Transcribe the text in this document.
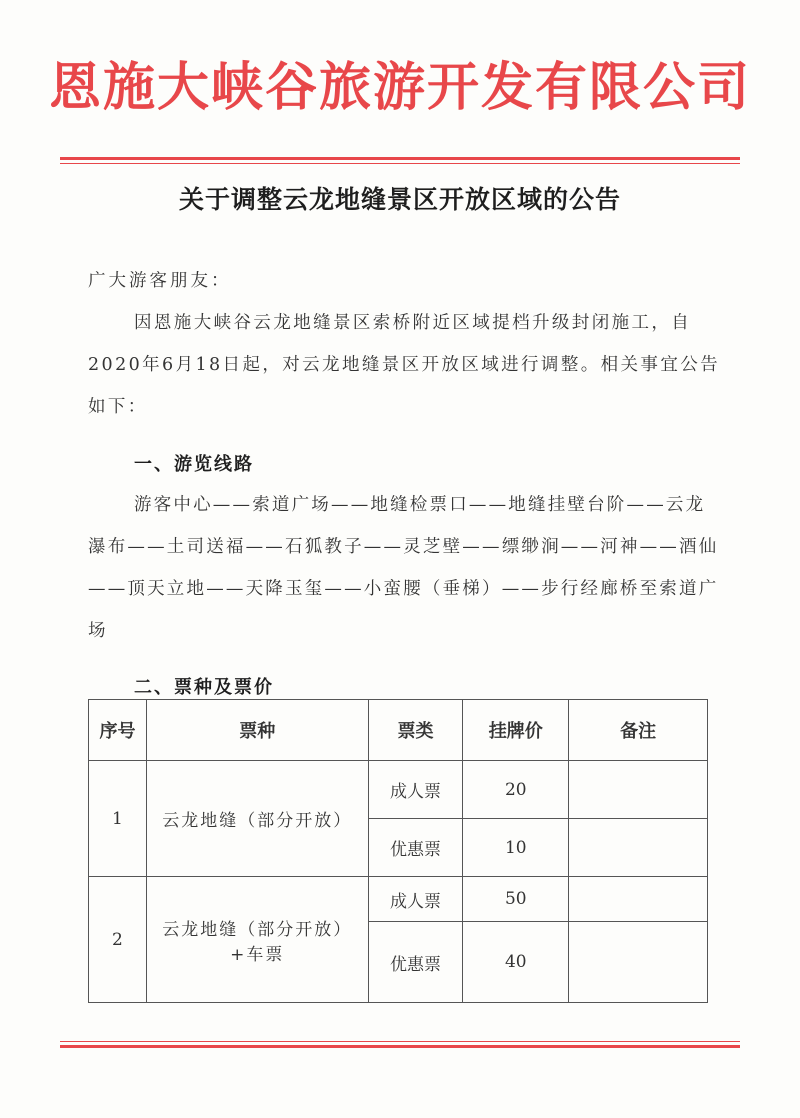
恩施大峡谷旅游开发有限公司
关于调整云龙地缝景区开放区域的公告
广大游客朋友：
因恩施大峡谷云龙地缝景区索桥附近区域提档升级封闭施工，自2020年6月18日起，对云龙地缝景区开放区域进行调整。相关事宜公告如下：
一、游览线路
游客中心——索道广场——地缝检票口——地缝挂壁台阶——云龙瀑布——土司送福——石狐教子——灵芝壁——缥缈涧——河神——酒仙——顶天立地——天降玉玺——小蛮腰（垂梯）——步行经廊桥至索道广场
二、票种及票价
序号	票种	票类	挂牌价	备注
1	云龙地缝（部分开放）	成人票	20	
		优惠票	10	
2	云龙地缝（部分开放）+车票	成人票	50	
		优惠票	40	
